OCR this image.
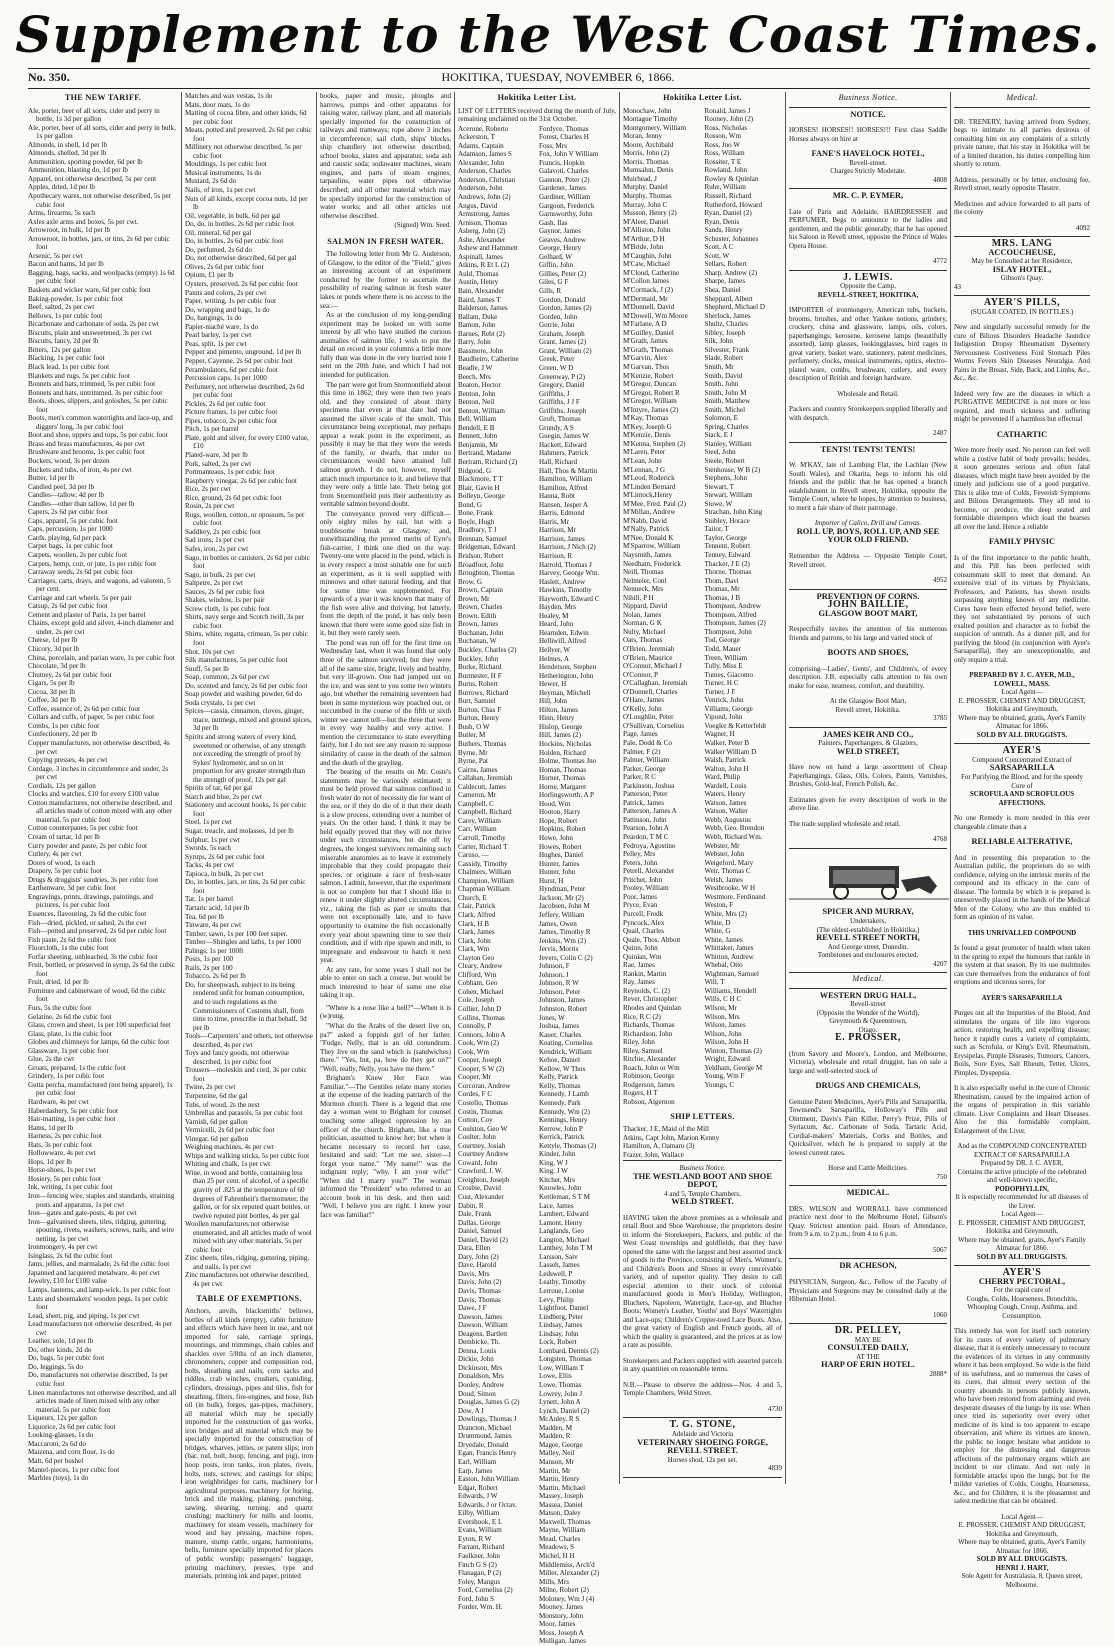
Supplement to the West Coast Times.
No. 350.	HOKITIKA, TUESDAY, NOVEMBER 6, 1866.
THE NEW TARIFF.

Ale, porter, beer of all sorts, cider and perry in bottle, 1s 3d per gallon

Ale, porter, beer of all sorts, cider and perry in bulk, 1s per gallon

Almonds, in shell, 1d per lb

Almonds, shelled, 3d per lb

Ammunition, sporting powder, 6d per lb

Ammunition, blasting do, 1d per lb

Apparel, not otherwise described, 5s per cent

Apples, dried, 1d per lb

Apothecary wares, not otherwise described, 5s per cubic foot

Arms, firearms, 5s each

Axles axle arms and boxes, 5s per cwt.

Arrowroot, in bulk, 1d per lb

Arrowroot, in bottles, jars, or tins, 2s 6d per cubic foot

Arsenic, 5s per cwt

Bacon and hams, 1d per lb

Bagging, bags, sacks, and woolpacks (empty) 1s 6d per cubic foot

Baskets and wicker ware, 6d per cubic foot

Baking-powder, 1s per cubic foot

Beef, salted, 2s per cwt

Bellows, 1s per cubic foot

Bicarbonate and carbonate of soda, 2s per cwt

Biscuits, plain and unsweetened, 3s per cwt

Biscuits, fancy, 2d per lb

Bitters, 12s per gallon

Blacking, 1s per cubic foot

Black lead, 1s per cubic foot

Blankets and rugs, 5s per cubic foot

Bonnets and hats, trimmed, 5s per cubic foot

Bonnets and hats, untrimmed, 3s per cubic foot

Boots, shoes, slippers, and goloshes, 5s per cubic foot

Boots, men's common watertights and lace-up, and diggers' long, 3s per cubic foot

Boot and shoe, uppers and tops, 5s per cubic foot

Brass and brass manufactures, 4s per cwt

Brushware and brooms, 1s per cubic foot

Buckets, wood, 3s per dozen

Buckets and tubs, of iron, 4s per cwt

Butter, 1d per lb

Candied peel, 3d per lb

Candles—tallow, 4d per lb

Candles—other than tallow, 1d per lb

Capers, 2s 6d per cubic foot

Caps, apparel, 5s per cubic foot

Caps, percussion, 1s per 1000

Cards, playing, 6d per pack

Carpet bags, 1s per cubic foot

Carpets, woollen, 2s per cubic foot

Carpets, hemp, coir, or jute, 1s per cubic foot

Carraway seeds, 2s 6d per cubic foot

Carriages, carts, drays, and wagons, ad valorem, 5 per cent.

Carriage and cart wheels, 5s per pair

Catsup, 2s 6d per cubic foot

Cement and plaster of Paris, 1s per barrel

Chains, except gold and silver, 4-inch diameter and under, 2s per cwt

Cheese, 1d per lb

Chicory, 3d per lb

China, porcelain, and parian ware, 1s per cubic foot

Chocolate, 3d per lb

Chutney, 2s 6d per cubic foot

Cigars, 5s per lb

Cocoa, 3d per lb

Coffee, 3d per lb

Coffee, essence of, 2s 6d per cubic foot

Collars and cuffs, of paper, 5s per cubic foot

Combs, 1s per cubic foot

Confectionery, 2d per lb

Copper manufactures, not otherwise described, 4s per cwt

Copying presses, 4s per cwt

Cordage, 3 inches in circumference and under, 2s per cwt

Cordials, 12s per gallon

Clocks and watches, £10 for every £100 value

Cotton manufactures, not otherwise described, and all articles made of cotton mixed with any other material, 5s per cubic foot

Cotton counterpanes, 5s per cubic foot

Cream of tartar, 1d per lb

Curry powder and paste, 2s per cubic foot

Cutlery, 4s per cwt

Doors of wood, 1s each

Drapery, 5s per cubic foot

Drugs & druggists' sundries, 3s per cubic foot

Earthenware, 3d per cubic foot

Engravings, prints, drawings, paintings, and pictures, 1s per cubic foot

Essences, flavouring, 2s 6d the cubic foot

Fish—dried, pickled, or salted, 2s the cwt

Fish—potted and preserved, 2s 6d per cubic foot

Fish paste, 2s 6d the cubic foot

Floorcloth, 1s the cubic foot

Forfar sheeting, unbleached, 3s the cubic foot

Fruit, bottled, or preserved in syrup, 2s 6d the cubic foot

Fruit, dried, 1d per lb

Furniture and cabinetware of wood, 6d the cubic foot

Furs, 5s the cubic foot

Gelatine, 2s 6d the cubic foot

Glass, crown and sheet, 1s per 100 superficial feet

Glass, plate, 1s the cubic foot

Globes and chimneys for lamps, 6d the cubic foot

Glassware, 1s per cubic foot

Glue, 2s the cwt

Groats, prepared, 1s the cubic foot

Grindery, 1s per cubic foot

Gutta percha, manufactured (not being apparel), 1s per cubic foot

Hardware, 4s per cwt

Haberdashery, 5s per cubic foot

Hair-matting, 1s per cubic foot

Hams, 1d per lb

Harness, 2s per cubic foot

Hats, 3s per cubic foot

Hollowware, 4s per cwt

Hops, 1d per lb

Horse-shoes, 1s per cwt

Hosiery, 5s per cubic foot

Ink, writing, 1s per cubic foot

Iron—fencing wire, staples and standards, straining posts and apparatus, 1s per cwt

Iron—gates and gate-posts, 4s per cwt

Iron—galvanised sheets, tiles, ridging, guttering, spouting, rivets, washers, screws, nails, and wire netting, 1s per cwt

Ironmongery, 4s per cwt

Isinglass, 2s 6d the cubic foot

Jams, jellies, and marmalade, 2s 6d the cubic foot

Japanned and lacquered metalware, 4s per cwt

Jewelry, £10 for £100 value

Lamps, lanterns, and lamp-wick, 1s per cubic foot

Lasts and shoemakers' wooden pegs, 1s per cubic foot

Lead, sheet, pig, and piping, 1s per cwt

Lead manufactures not otherwise described, 4s per cwt

Leather, sole, 1d per lb

Do, other kinds, 2d do

Do, bags, 5s per cubic foot

Do, leggings, 5s do

Do, manufactures not otherwise described, 1s per cubic foot

Linen manufactures not otherwise described, and all articles made of linen mixed with any other material, 5s per cubic foot

Liqueurs, 12s per gallon

Liquorice, 2s 6d per cubic foot

Looking-glasses, 1s do

Maccaroni, 2s 6d do

Maizena, and corn flour, 1s do

Malt, 6d per bushel

Mantel-pieces, 1s per cubic foot

Marbles (toys), 1s do

Matches and wax vestas, 1s do

Mats, door mats, 1s do

Matting of cocoa fibre, and other kinds, 6d per cubic foot

Meats, potted and preserved, 2s 6d per cubic foot

Millinery not otherwise described, 5s per cubic foot

Mouldings, 1s per cubic foot

Musical instruments, 1s do

Mustard, 2s 6d do

Nails, of iron, 1s per cwt

Nuts of all kinds, except cocoa nuts, 1d per lb

Oil, vegetable, in bulk, 6d per gal

Do, do, in bottles, 2s 6d per cubic foot

Oil, mineral, 6d per gal

Do, in bottles, 2s 6d per cubic foot

Do, perfumed, 2s 6d do

Do, not otherwise described, 6d per gal

Olives, 2s 6d per cubic foot

Opium, £1 per lb

Oysters, preserved, 2s 6d per cubic foot

Paints and colors, 2s per cwt

Paper, writing, 1s per cubic foot

Do, wrapping and bags, 1s do

Do, hangings, 1s do

Papier-maché ware, 1s do

Pearl barley, 1s per cwt

Peas, split, 1s per cwt

Pepper and pimento, unground, 1d per lb

Pepper, Cayenne, 2s 6d per cubic foot

Perambulators, 6d per cubic foot

Percussion caps, 1s per 1000

Perfumery, not otherwise described, 2s 6d per cubic foot

Pickles, 2s 6d per cubic foot

Picture frames, 1s per cubic foot

Pipes, tobacco, 2s per cubic foot

Pitch, 1s per barrel

Plate, gold and silver, for every £100 value, £10

Plated-ware, 3d per lb

Pork, salted, 2s per cwt

Portmanteaus, 1s per cubic foot

Raspberry vinegar, 2s 6d per cubic foot

Rice, 2s per cwt

Rice, ground, 2s 6d per cubic foot

Rosin, 2s per cwt

Rugs, woollen, cotton, or opossum, 5s per cubic foot

Saddlery, 2s per cubic foot

Sad irons, 1s per cwt

Safes, iron, 2s per cwt

Sago, in bottles or canisters, 2s 6d per cubic foot

Sago, in bulk, 2s per cwt

Saltpetre, 2s per cwt

Sauces, 2s 6d per cubic foot

Shakes, window, 1s per pair

Screw cloth, 1s per cubic foot

Shirts, navy serge and Scotch twill, 3s per cubic foot

Shirts, white, regatta, crimean, 5s per cubic foot

Shot, 10s per cwt

Silk manufactures, 5s per cubic foot

Snuff, 5s per lb

Soap, common, 2s 6d per cwt

Do, scented and fancy, 2s 6d per cubic foot

Soap powder and washing powder, 6d do

Soda crystals, 1s per cwt

Spices—cassia, cinnamon, cloves, ginger, mace, nutmegs, mixed and ground spices, 3d per lb

Spirits and strong waters of every kind, sweetened or otherwise, of any strength not exceeding the strength of proof by Sykes' hydrometer, and so on in proportion for any greater strength than the strength of proof, 12s per gal

Spirits of tar, 6d per gal

Starch and blue, 2s per cwt

Stationery and account books, 1s per cubic foot

Steel, 1s per cwt

Sugar, treacle, and molasses, 1d per lb

Sulphur, 1s per cwt

Swords, 5s each

Syrups, 2s 6d per cubic foot

Tacks, 4s per cwt

Tapioca, in bulk, 2s per cwt

Do, in bottles, jars, or tins, 2s 6d per cubic foot

Tar, 1s per barrel

Tartaric acid, 1d per lb

Tea, 6d per lb

Tinware, 4s per cwt

Timber, sawn, 1s per 100 feet super.

Timber—Shingles and laths, 1s per 1000

Palings, 1s per 100ft

Posts, 1s per 100

Rails, 2s per 100

Tobacco, 2s 6d per lb

Do, for sheepwash, subject to its being rendered unfit for human consumption, and to such regulations as the Commissioners of Customs shall, from time to time, prescribe in that behalf, 3d per lb

Tools—Carpenters' and others, not otherwise described, 4s per cwt

Toys and fancy goods, not otherwise described, 1s per cubic foot

Trousers—moleskin and cord, 3s per cubic foot

Twine, 2s per cwt

Turpentine, 6d the gal

Tubs, of wood, 2s the nest

Umbrellas and parasols, 5s per cubic foot

Varnish, 6d per gallon

Vermicelli, 2s 6d per cubic foot

Vinegar, 6d per gallon

Weighing machines, 4s per cwt

Whips and walking sticks, 5s per cubic foot

Whiting and chalk, 1s per cwt

Wine, in wood and bottle, containing less than 25 per cent. of alcohol, of a specific gravity of .825 at the temperature of 60 degrees of Fahrenheit's thermometer, the gallon, or for six reputed quart bottles, or twelve reputed pint bottles, 4s per gal

Woollen manufactures not otherwise enumerated, and all articles made of wool mixed with any other materials, 5s per cubic foot

Zinc sheets, tiles, ridging, guttering, piping, and nails, 1s per cwt

Zinc manufactures not otherwise described, 4s per cwt

TABLE OF EXEMPTIONS.

Anchors, anvils, blacksmiths' bellows, bottles of all kinds (empty), cabin furniture and effects which have been in use, and not imported for sale, carriage springs, mountings, and trimmings, chain cables and shackles over 5/8ths of an inch diameter, chronometers, copper and composition rod, bolts, sheathing and nails, corn sacks and riddles, crab winches, crushers, cyaniding, cylinders, dressings, pipes and tiles, fish for sheathing, filters, fire-engines, and hose, fish oil (in bulk), forges, gas-pipes, machinery, all material which may be specially imported for the construction of gas works, iron bridges and all material which may be specially imported for the construction of bridges, wharves, jetties, or patent slips; iron (bar, rod, bolt, hoop, fencing, and pig), iron hoop posts, iron tanks, iron plates, rivets, bolts, nuts, screws; and castings for ships; iron weighbridges for carts, machinery for agricultural purposes, machinery for boring, brick and tile making, planing, punching, sawing, shearing, turning, and quartz crushing; machinery for mills and looms, machinery for steam vessels, machinery for wood and hay pressing, machine ropes, manure, stump cattle, organs, harmoniums, bells, furniture specially imported for places of public worship; passengers' baggage, printing machinery, presses, type and materials, printing ink and paper, printed

books, paper and music, ploughs and harrows, pumps and other apparatus for raising water, railway plant, and all materials specially imported for the construction of railways and tramways; rope above 3 inches in circumference; sail cloth, ships' blocks, ship chandlery not otherwise described; school books, slates and apparatus; soda ash and caustic soda; sodawater machines, steam engines, and parts of steam engines; tarpaulins, water pipes not otherwise described; and all other material which may be specially imported for the construction of water works; and all other articles not otherwise described.

(Signed) Wm. Seed.
SALMON IN FRESH WATER.

The following letter from Mr G. Anderson, of Glasgow, to the editor of the "Field," gives an interesting account of an experiment conducted by the former to ascertain the possibility of rearing salmon in fresh water lakes or ponds where there is no access to the sea:—

As at the conclusion of my long-pending experiment may be looked on with some interest by all who have studied the curious anomalies of salmon life, I wish to put the detail on record in your columns a little more fully than was done in the very hurried note I sent on the 20th June, and which I had not intended for publication.

The parr were got from Stormontfield about this time in 1862; they were then two years old, and they consisted of about thirty specimens that even at that date had not assumed the silver scale of the smolt. This circumstance being exceptional, may perhaps appear a weak point in the experiment, as possibly it may be that they were the weeds of the family, or dwarfs, that under no circumstances would have attained full salmon growth. I do not, however, myself attach much importance to it, and believe that they were only a little late. Their being got from Stormontfield puts their authenticity as veritable salmon beyond doubt.

The conveyance proved very difficult—only eighty miles by rail, but with a troublesome break at Glasgow; and, notwithstanding the proved merits of Eyre's fish-carrier, I think one died on the way. Twenty-one were placed in the pond, which is in every respect a most suitable one for such an experiment, as it is well supplied with minnows and other natural feeding, and that for some time was supplemented. For upwards of a year it was known that many of the fish were alive and thriving, but latterly, from the depth of the pond, it has only been known that there were some good size fish in it, but they were rarely seen.

The pond was run off for the first time on Wednesday last, when it was found that only three of the salmon survived; but they were all of the same size, bright, lively and healthy, but very ill-grown. One had jumped out on the ice, and was sent to you some two winters ago, but whether the remaining seventeen had been in some mysterious way poached out, or succumbed in the course of the fifth or sixth winter we cannot tell—but the three that were in every way healthy and very active. I mention the circumstance to state everything fairly, but I do not see any reason to suppose similarity of cause in the death of the salmon and the death of the grayling.

The bearing of the results on Mr. Coste's statements may be variously estimated; it must be held proved that salmon confined in fresh water do not of necessity die for want of the sea, or if they do die of it that their death is a slow process, extending over a number of years. On the other hand, I think it may be held equally proved that they will not thrive under such circumstances, but die off by degrees, the longest survivors remaining such miserable anatomies as to leave it extremely improbable that they could propagate their species, or originate a race of fresh-water salmon. I admit, however, that the experiment is not so complete but that I should like to renew it under slightly altered circumstances, viz., taking the fish as parr or smolts that were not exceptionally late, and to have opportunity to examine the fish occasionally every year about spawning time to see their condition, and if with ripe spawn and milt, to impregnate and endeavour to hatch it next year.

At any rate, for some years I shall not be able to enter on such a course, but would be much interested to hear of some one else taking it up.

"Where is a nose like a bell?"—When it is (w)rung.

"What do the Arabs of the desert live on, pa?" asked a foppish girl of her father. "Fudge, Nelly, that is an old conundrum. They live on the sand which is (sandwiches) there." "Yes, but, pa, how do they get on?" "Well, really, Nelly, you have me there."

Brigham's Knew Her Face was Familiar."—The Gentiles relate many stories at the expense of the leading patriarch of the Mormon church. There is a legend that one day a woman went to Brigham for counsel touching some alleged oppression by an officer of the church. Brigham, like a true politician, assumed to know her; but when it became necessary to record her case, hesitated and said: "Let me see, sister—I forget your name." "My name!" was the indignant reply; "why, I am your wife!" "When did I marry you?" The woman informed the "President" who referred to an account book in his desk, and then said: "Well, I believe you are right. I knew your face was familiar!"

Hokitika Letter List.

LIST OF LETTERS received during the month of July, remaining unclaimed on the 31st October.

Acerone, Roberto
Ackerston, T
Adams, Captain
Adamson, James S
Alexander, John
Anderson, Charles
Anderson, Christian
Anderson, John
Andrews, John (2)
Angus, David
Armstrong, James
Arnison, Thomas
Asberg, John (2)
Ashe, Alexander
Ashew and Hammett
Aspinall, James
Atkins, R Et L (2)
Auld, Thomas
Austin, Henry
Bain, Alexander
Baird, James T
Balderson, James
Ballam, Duke
Bamon, John
Barnes, Rebt (2)
Barry, John
Bassmore, John
Baudheiro, Catherine
Beadle, J W
Beech, Mrs
Beaton, Hector
Benton, John
Benton, Neil
Benton, William
Bell, William
Bendell, E B
Bennett, John
Benjamin, Mr
Bertrand, Madame
Bertram, Richard (2)
Bidgood, G
Blackmore, T T
Blair, Gavin H
Bolleyn, George
Bond, G
Bone, Frank
Boyle, Hugh
Bradbury, T J
Brennan, Samuel
Bridgeman, Edward
Bridson, Robert
Broadfoot, John
Broughton, Thomas
Brow, G
Brown, Captain
Brown, Mr
Brown, Charles
Brown, Edith
Brown, James
Buchanan, John
Buchanan, W
Buckley, Charles (2)
Buckley, John
Burke, Richard
Burmester, H F
Burns, Robert
Burrows, Richard
Burt, Samuel
Burton, Chas F
Burton, Henry
Bush, O W
Butler, M
Buthers, Thomas
Byrne, Mr
Byrne, Pat
Cairns, James
Callahan, Jeremiah
Caldecutt, James
Cameron, Mr
Campbell, C
Campbell, Richard
Carey, William
Carr, William
Carroll, Timothy
Carter, Richard T
Caruso, —
Cassidy, Timothy
Chalmers, William
Champion, William
Chapman William
Church, E
Clair, Patrick
Clark, Alfred
Clark, H B
Clark, James
Clark, John
Clark, Wm
Clayton Geo
Cleary, Andrew
Clifford, Wm
Cobham, Geo
Cohen, Michael
Cole, Joseph
Collier, John D
Collins, Thomas
Connolly, P
Connors, John A
Cook, Wm (2)
Cook, Wm
Cooper, Joseph
Cooper, S W (2)
Cooper, Mr
Corcoran, Andrew
Cordes, F C
Costello, Thomas
Costin, Thomas
Cotton, Coy
Coulston, Geo W
Coulter, John
Courtney, Josiah
Courtney Andrew
Coward, John
Crawford, J. W.
Creighton, Joseph
Crosbie, David
Cust, Alexander
Dabin, R
Dale, Frank
Dallas, George
Daniel, Samuel
Daniel, David (2)
Dara, Ellen
Dary, John (2)
Dave, Harold
Davis, Mrs
Davis, John (2)
Davis, Thomas
Davis, Thomas
Dawe, J F
Dawson, James
Dawson, William
Deagens, Bartlett
Dembicke, Th.
Denna, Louis
Dickie, John
Dickinson, Mrs
Donaldson, Mrs
Dooley, Andrew
Doud, Simon
Douglas, James G (2)
Dow, A J
Dowlings, Thomas J
Drancton, Michael
Drummond, James
Dryedale, Donald
Egan, Francis Henry
Earl, William
Earp, James
Easton, John William
Edgar, Robert
Edwards, J W
Edwards, J or Octav.
Eilby, William
Evershook, E L
Evans, William
Eyton, R W
Farrant, Richard
Faulkner, John
Finch G S (2)
Flanagan, P (2)
Foley, Mangus
Ford, Cornelius (2)
Ford, John S
Forder, Wm. H.
Fordyce, Thomas
Forest, Charles H
Foss, Mrs
Fox, John V William
Francis, Hopkin
Galavoti, Charles
Gannon, Peter (2)
Gardener, James
Gardiner, William
Gargoon, Frederick
Garnsworthy, John
Gash, Ilas
Gaynor, James
Geaves, Andrew
George, Henry
Gelhard, W
Giffin, John
Gillies, Peter (2)
Giles, G F
Gills, R
Gordon, Donald
Gordon, James (2)
Gorden, John
Gorrie, John
Graham, Joseph
Grant, James (2)
Grant, William (2)
Greek, Peter
Green, W D
Greenway, P (2)
Gregory, Daniel
Griffiths, J
Griffiths, J J F
Griffiths, Joseph
Groft, Thomas
Grundy, A S
Guegin, James W
Hackett, Edward
Hahmers, Patrick
Hall, Richard
Hall, Thos & Martin
Hamilton, William
Hamilton, Alfred
Hanna, Robt
Hansen, Jesper A
Harris, Edmond
Harris, Mr
Harrison, Mr
Harrison, James
Harrison, J Nich (2)
Harrison, R
Harrold, Thomas J
Harvey, George Wm.
Haslett, Andrew
Hawkins, Timothy
Hayworth, Edward C
Hayden, Mrs
Healey, M
Heard, John
Hearnden, Edwin
Helliwill, Alfred
Hellyer, W
Helmes, A
Henderson, Stephen
Hetherington, John
Hewer, H
Heyman, Mitchell
Hill, John
Hilton, James
Hinn, Henry
Hislop, George
Hill, James (2)
Hockins, Nicholas
Holden, Richard
Holme, Thomas Jno
Homan, Thomas
Horner, Thomas
Horne, Margaret
Horlingsworth, A P
Hood, Wm
Hooton, Harry
Hope, Robert
Hopkins, Robert
Howe, John
Howes, Robert
Hughes, Daniel
Hunter, James
Hunter, John
Hurst, H
Hyndman, Peter
Jackson, Mr (2)
Jacobsen, John M
Jeffery, William
James, Owen
James, Timothy R
Jenkins, Wm (2)
Jervis, Morris
Jevers, Colin C (2)
Johnson, F
Johnson, J
Johnson, R W
Johnson, Peter
Johnston, James
Johnston, Robert
Jones, W
Joshua, James
Kauer, Charles
Keating, Cornelius
Kendrick, William
Kehoe, Daniel
Kellow, W Thos
Kelly, Patrick
Kelly, Thomas
Kennedy, J Lamb
Kennedy, Park
Kennedy, Wm (2)
Kennings, Henry
Kerrow, John P
Kerrick, Patrick
Kettyle, Thomas (2)
Kinder, John
King, W J
King, J W
Kitcher, Mrs
Knowles, John
Kettleman, S T M
Lace, James
Lambert, Edward
Lamont, Henry
Langlands, Geo
Langton, Michael
Lanthey, John T M
Larsson, Saiv
Lasseh, James
Ledswell, P
Leathy, Timothy
Lerroue, Lonise
Levy, Philip
Lightfoot, Daniel
Lindberg, Peter
Lindsay, James
Lindsay, John
Lock, Robert
Lombard, Dennis (2)
Longsten, Thomas
Low, William T
Lowe, Eliis
Lowe, Thomas
Lowrey, John J
Lynett, John A
Lynch, Daniel (2)
McAuley, R S
Madden, M
Madden, R
Magee, George
Malley, Neil
Manson, Mr
Martin, Mr
Martin, Henry
Martin, Michael
Massey, Joseph
Massea, Daniel
Matson, Daley
Maxwell, Thomas
Mayne, William
Mead, Charles
Meadows, S
Michel, H H
Middlemiss, Arch'd
Miller, Alexander (2)
Mills, Mrs
Milne, Robert (2)
Moloney, Wm J (4)
Mooney, James
Monstory, John
Moor, James
Moss, Joseph A
Mulligan, James
Hokitika Letter List.
Monochaw, John
Montague Timothy
Montgomery, William
Moran, Jenny
Moore, Archibald
Morris, John (2)
Morris, Thomas
Mumsalun, Denis
Muirhead, J
Murphy, Daniel
Murphy, Thomas
Murray, John C
Musson, Henry (2)
M'Aleer, Daniel
M'Alliston, John
M'Arthur, D H
M'Bride, John
M'Caughin, John
M'Caw, Michael
M'Cloud, Catherine
M'Collon James
M'Cormack, J (2)
M'Dermaid, Mr
M'Donnell, David
M'Dowell, Wm Moore
M'Farlane, A D
M'Guilley, Daniel
M'Grath, James
M'Grath, Thomas
M'Garvin, Alex
M'Garvan, Thos
M'Kenzie, Robert
M'Gregor, Duncan
M'Gregor, Robert R
M'Gregor, William
M'Intyre, James (2)
M'Kay, Thomas
M'Key, Joseph G
M'Kenzie, Denis
M'Kenna, Stephen (2)
M'Laren, Peter
M'Lean, John
M'Lennan, J G
M'Leod, Roderick
M'Linden Bernard
M'Lintock,Henry
M'Mee, Fred. Paul (2)
M'Millan, Andrew
M'Nabb, David
M'Nally, Patrick
M'Nee, Donald K
M'Sparrow, William
Naysmith, James
Needham, Frederick
Neill, Thomas
Nelmeier, Conl
Nenneck, Mrs
Nihill, P H
Nippard, David
Nolan, James
Norman, G K
Nulty, Michael
Oats, Thomas
O'Brien, Jeremiah
O'Brien, Maurice
O'Connor, Michael J
O'Connor, P
O'Callaghan, Jeremiah
O'Donnell, Charles
O'Hare, James
O'Kelly, John
O'Loughlin, Peter
O'Sullivan, Cornelius
Page, James
Pale, Dodd & Co
Palmer, F (2)
Palmer, William
Parker, George
Parker, R C
Parkinson, Joshua
Patterson, Peter
Patrick, James
Patterson, James A
Pattinson, John
Pearson, John A
Peardon, T M C
Pedroya, Agostino
Pelley, Mrs
Peters, John
Petrell, Alexander
Pritchet, John
Pooley, William
Poor, James
Pryce, Evan
Purcell, Fredk
Pyncock, Alex
Quail, Charles
Quale, Thos. Abbott
Quinn, John
Quinlan, Wm
Rae, James
Rankin, Martin
Ray, James
Reynolds, C. (2)
Rever, Christopher
Rhodes and Quinlan
Rice, R C (2)
Richards, Thomas
Richardson, John
Riley, John
Riley, Samuel
Ritchie, Alexander
Roach, John or Wm
Robinson, George
Rodgerson, James
Rogers, H T
Robson, Algernon
Ronald, James J
Rooney, John (2)
Ross, Nicholas
Rosson, Wm
Ross, Jno W
Ross, William
Rossiter, T E
Rowland, John
Rowley & Quinlan
Ruhe, William
Russell, Richard
Rutherford, Howard
Ryan, Daniel (2)
Ryan, Denis
Sands, Henry
Schuster, Johannes
Scott, A C
Scott, W
Sellars, Robert
Sharp, Andrew (2)
Sharpe, James
Shea, Daniel
Sheppard, Albert
Shepherd, Michael D
Sherlock, James
Shultz, Charles
Sibley, Joseph
Silk, John
Silvester, Frank
Slade, Robert
Smith, Mr
Smith, David
Smith, John
Smith, John M
Smith, Matthew
Smith, Michel
Solomon, E
Spring, Charles
Stack, E J
Stanley, William
Steel, John
Steele, Robert
Stenhouse, W B (2)
Stephens, John
Stewart, T
Stewart, William
Stowe, W
Strachan, John King
Stubley, Horace
Taitor, T
Taylor, George
Tennent, Robert
Tenney, Edward
Thacker, J E (2)
Thorne, Thomas
Thom, Davi
Thomas, Mr
Thomas, J B
Thompson, Andrew
Thompson, Alfred
Thompson, James (2)
Thompson, John
Tod, George
Todd, Mauer
Treen, William
Tully, Miss E
Tumes, Giacomo
Turner, H C
Turner, J F
Venrick, John
Villiams, George
Vipond, John
Voegler & Ketterfeldt
Wagner, H
Walker, Peter B
Walker William D
Walsh, Patrick
Walton, John H
Ward, Philip
Wardell, Louis
Waters, Henry
Watson, James
Watson, Walter
Webb, Augustus
Webb, Geo. Brendon
Webb, Richard Wm.
Webster, Mr
Webster, John
Weigeford, Mary
Weir, Thomas C
Welsh, James
Westbrooke, W H
Westmore, Ferdinand
Weston, F
White, Mrs (2)
White, D
White, G
White, James
Whittaker, James
Whitton, Andrew
Whebal, Otto
Wightman, Samuel
Will, T
Williams, Hendell
Wills, C H C
Wilson, Mr
Wilson, Mrs
Wilson, James
Wilson, John
Wilson, John H
Winton, Thomas (2)
Wright, Edward
Yeldham, George M
Young, Wm F
Youngs, C
SHIP LETTERS.

Thacker, J E, Maid of the Mill
Atkins, Capt John, Marion Kenny
Hamilton, A, Oamaru (3)
Frazer, John, Wallace

Business Notice.
THE WESTLAND BOOT AND SHOE DEPOT,
4 and 5, Temple Chambers,
WELD STREET.

HAVING taken the above premises as a wholesale and retail Boot and Shoe Warehouse, the proprietors desire to inform the Storekeepers, Packers, and public of the West Coast townships and goldfields, that they have opened the same with the largest and best assorted stock of goods in the Province, consisting of Men's, Women's, and Children's Boots and Shoes in every conceivable variety, and of superior quality. They desire to call especial attention to their stock of colonial manufactured goods in Men's Holiday, Wellington, Bluchers, Napoleon, Watertight, Lace-up, and Blucher Boots; Women's Leather, Youths' and Boys' Watertights and Lace-ups; Children's Copper-toed Lace Boots. Also, the great variety of English and French goods, all of which the quality is guaranteed, and the prices at as low a rate as possible.

Storekeepers and Packers supplied with assorted parcels in any quantities on reasonable terms.

N.B.—Please to observe the address—Nos. 4 and 5, Temple Chambers, Weld Street.

4730
T. G. STONE,
Adelaide and Victoria
VETERINARY SHOEING FORGE,
REVELL STREET.
Horses shod, 12s per set.
4839
Business Notice.
NOTICE.

HORSES! HORSES!! HORSES!!! First class Saddle Horses always on hire at

FANE'S HAVELOCK HOTEL,
Revell-street.
Charges Strictly Moderate.
4808
MR. C. P. EYMER,

Late of Paris and Adelaide, HAIRDRESSER and PERFUMER, Begs to announce to the ladies and gentlemen, and the public generally, that he has opened his Saloon in Revell street, opposite the Prince of Wales Opera House.

4772
J. LEWIS.
Opposite the Camp,
REVELL-STREET, HOKITIKA,

IMPORTER of ironmongery, American tubs, buckets, brooms, brushes, and other Yankee notions, grindery, crockery, china and glassware, lamps, oils, colors, paperhangings, kerosene, kerosene lamps (beautifully assorted), lamp glasses, lookingglasses, bird cages in great variety, basket ware, stationery, patent medicines, perfumery, clocks, musical instruments, optics, electro-plated ware, combs, brushware, cutlery, and every description of British and foreign hardware.

Wholesale and Retail.

Packers and country Storekeepers supplied liberally and with despatch.

2487
TENTS! TENTS! TENTS!

W. M'KAY, late of Lambing Flat, the Lachlan (New South Wales), and Okarita, begs to inform his old friends and the public that he has opened a branch establishment in Revell street, Hokitika, opposite the Temple Court, where he hopes, by attention to business, to merit a fair share of their patronage.

Importer of Calico, Drill and Canvas.
ROLL UP, BOYS, ROLL UP, AND SEE YOUR OLD FRIEND.

Remember the Address — Opposite Temple Court, Revell street.

4952
PREVENTION OF CORNS.
JOHN BAILLIE,
GLASGOW BOOT MART,

Respectfully invites the attention of his numerous friends and patrons, to his large and varied stock of

BOOTS AND SHOES,

comprising—Ladies', Gents', and Children's, of every description. J.B. especially calls attention to his own make for ease, neatness, comfort, and durability.

At the Glasgow Boot Mart,
Revell street, Hokitika.
3785
JAMES KEIR AND CO.,
Painters, Paperhangers, & Glaziers,
WELD STREET,

Have now on hand a large assortment of Cheap Paperhangings, Glass, Oils, Colors, Paints, Varnishes, Brushes, Gold-leaf, French Polish, &c.

Estimates given for every description of work in the above line.

The trade supplied wholesale and retail.

4768
SPICER AND MURRAY,
Undertakers,
(The oldest-established in Hokitika,)
REVELL STREET NORTH,
And George street, Dunedin.
Tombstones and enclosures erected.
4207
Medical.
WESTERN DRUG HALL,
Revell-street
(Opposite the Wonder of the World),
Greymouth & Queenstown,
Otago.
E. PROSSER,

(from Savory and Moore's, London, and Melbourne, Victoria), wholesale and retail druggist, has on sale a large and well-selected stock of

DRUGS AND CHEMICALS,

Genuine Patent Medicines, Ayer's Pills and Sarsaparilla, Townsend's Sarsaparilla, Holloway's Pills and Ointment, Davis's Pain Killer, Perry's Prize, Pills of Syriacum, &c. Carbonate of Soda, Tartaric Acid, Cordial-makers' Materials, Corks and Bottles, and Quicksilver, which he is prepared to supply at the lowest current rates.

Horse and Cattle Medicines.
750
MEDICAL.

DRS. WILSON and WORRALL have commenced practice next door to the Melbourne Hotel, Gibson's Quay. Strictest attention paid. Hours of Attendance, from 9 a.m. to 2 p.m.; from 4 to 6 p.m.

5067
DR ACHESON,

PHYSICIAN, Surgeon, &c., Fellow of the Faculty of Physicians and Surgeons may be consulted daily at the Hibernian Hotel.

1060
DR. PELLEY,
MAY BE
CONSULTED DAILY,
AT THE
HARP OF ERIN HOTEL.
2888*
Medical.

DR. TRENERY, having arrived from Sydney, begs to intimate to all parties desirous of consulting him on any complaints of a strictly private nature, that his stay in Hokitika will be of a limited duration, his duties compelling him shortly to return.

Address, personally or by letter, enclosing fee, Revell street, nearly opposite Theatre.

Medicines and advice forwarded to all parts of the colony

4092
MRS. LANG
ACCOUCHEUSE,
May be Consulted at her Residence,
ISLAY HOTEL,
Gibson's Quay.
43
AYER'S PILLS,
(SUGAR COATED, IN BOTTLES.)

New and singularly successful remedy for the cure of Bilious Disorders Headache Jaundice Indigestion Dropsy Rheumatism Dysentery Nervousness Costiveness Foul Stomach Piles Worms Fevers Skin Diseases Neuralgia. And Pains in the Breast, Side, Back, and Limbs, &c., &c., &c.

Indeed very few are the diseases in which a PURGATIVE MEDICINE is not more or less required, and much sickness and suffering might be prevented if a harmless but effectual

CATHARTIC

Were more freely used. No person can feel well while a costive habit of body prevails; besides, it soon generates serious and often fatal diseases, which might have been avoided by the timely and judicious use of a good purgative. This is alike true of Colds, Feverish Symptoms and Bilious Derangements. They all tend to become, or produce, the deep seated and formidable distempers which load the hearses all over the land. Hence a reliable

FAMILY PHYSIC

Is of the first importance to the public health, and this Pill has been perfected with consummate skill to meet that demand. An extensive trial of its virtues by Physicians, Professors, and Patients, has shown results surpassing anything known of any medicine. Cures have been effected beyond belief, were they not substantiated by persons of such exalted position and character as to forbid the suspicion of untruth. As a dinner pill, and for purifying the blood (in conjunction with Ayer's Sarsaparilla), they are unexceptionable, and only require a trial.

PREPARED BY J. C. AYER, M.D., LOWELL, MASS.
Local Agent—
E. PROSSER, CHEMIST AND DRUGGIST, Hokitika and Greymouth,
Where may be obtained, gratis, Ayer's Family Almanac for 1866.
SOLD BY ALL DRUGGISTS.
AYER'S
Compound Concentrated Extract of
SARSAPARILLA
For Purifying the Blood, and for the speedy Cure of
SCROFULA AND SCROFULOUS AFFECTIONS.

No one Remedy is more needed in this ever changeable climate than a

RELIABLE ALTERATIVE,

And in presenting this preparation to the Australian public, the proprietors do so with confidence, relying on the intrinsic merits of the compound and its efficacy in the cure of disease. The formula by which it is prepared is unreservedly placed in the hands of the Medical Men of the Colony, who are thus enabled to form an opinion of its value.

THIS UNRIVALLED COMPOUND

Is found a great promoter of health when taken in the spring to expel the humours that rankle in the system at that season. By its use multitudes can cure themselves from the endurance of foul eruptions and ulcerous sores, for

AYER'S SARSAPARILLA

Purges out all the Impurities of the Blood, And stimulates the organs of life into vigorous action, restoring health, and expelling disease; hence it rapidly cures a variety of complaints, such as Scrofula, or King's Evil, Rheumatism, Erysipelas, Pimple Diseases, Tumours, Cancers, Boils, Sore Eyes, Salt Rheum, Tetter, Ulcers, Pimples, Dyspepsia.

It is also especially useful in the cure of Chronic Rheumatism, caused by the impaired action of the organs of perspiration in this variable climate. Liver Complaints and Heart Diseases. Also for this formidable complaint, Enlargement of the Liver.

And as the COMPOUND CONCENTRATED EXTRACT OF SARSAPARILLA
Prepared by DR. J. C. AYER,
Contains the active principle of the celebrated and well-known specific,
PODOPHYLLIN,
It is especially recommended for all diseases of the Liver.
Local Agent—
E. PROSSER, CHEMIST AND DRUGGIST, Hokitika and Greymouth,
Where may be obtained, gratis, Ayer's Family Almanac for 1866.
SOLD BY ALL DRUGGISTS.
AYER'S
CHERRY PECTORAL,
For the rapid cure of
Coughs, Colds, Hoarseness, Bronchitis, Whooping Cough, Croup, Asthma, and Consumption.

This remedy has won for itself such notoriety for its cures of every variety of pulmonary disease, that it is entirely unnecessary to recount the evidences of its virtues in any community where it has been employed. So wide is the field of its usefulness, and so numerous the cases of its cures, that almost every section of the country abounds in persons publicly known, who have been restored from alarming and even desperate diseases of the lungs by its use. When once tried its superiority over every other medicine of its kind is too apparent to escape observation, and where its virtues are known, the public no longer hesitate what antidote to employ for the distressing and dangerous affections of the pulmonary organs which are incident to our climate. And not only in formidable attacks upon the lungs, but for the milder varieties of Colds, Coughs, Hoarseness, &c., and for Children, it is the pleasantest and safest medicine that can be obtained.

Local Agent—
E. PROSSER, CHEMIST AND DRUGGIST, Hokitika and Greymouth,
Where may be obtained, gratis, Ayer's Family Almanac for 1866.
SOLD BY ALL DRUGGISTS.
HENRI J. HART,
Sole Agent for Australasia, 8, Queen street, Melbourne.
